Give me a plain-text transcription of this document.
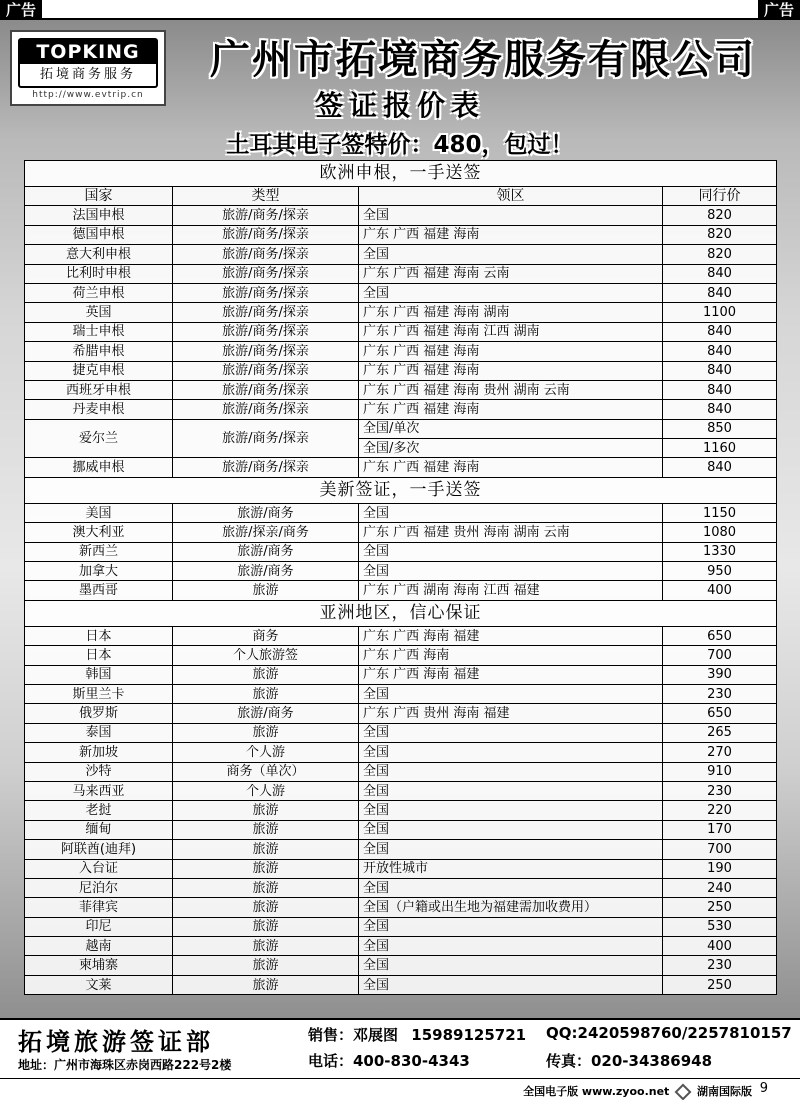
广告	广告
TOPKING
拓境商务服务
http://www.evtrip.cn
广州市拓境商务服务有限公司
签证报价表
土耳其电子签特价：480，包过！
欧洲申根，一手送签			
国家	类型	领区	同行价
法国申根	旅游/商务/探亲	全国	820
德国申根	旅游/商务/探亲	广东 广西 福建 海南	820
意大利申根	旅游/商务/探亲	全国	820
比利时申根	旅游/商务/探亲	广东 广西 福建 海南 云南	840
荷兰申根	旅游/商务/探亲	全国	840
英国	旅游/商务/探亲	广东 广西 福建 海南 湖南	1100
瑞士申根	旅游/商务/探亲	广东 广西 福建 海南 江西 湖南	840
希腊申根	旅游/商务/探亲	广东 广西 福建 海南	840
捷克申根	旅游/商务/探亲	广东 广西 福建 海南	840
西班牙申根	旅游/商务/探亲	广东 广西 福建 海南 贵州 湖南 云南	840
丹麦申根	旅游/商务/探亲	广东 广西 福建 海南	840
爱尔兰	旅游/商务/探亲	全国/单次	850
		全国/多次	1160
挪威申根	旅游/商务/探亲	广东 广西 福建 海南	840
美新签证，一手送签			
美国	旅游/商务	全国	1150
澳大利亚	旅游/探亲/商务	广东 广西 福建 贵州 海南 湖南 云南	1080
新西兰	旅游/商务	全国	1330
加拿大	旅游/商务	全国	950
墨西哥	旅游	广东 广西 湖南 海南 江西 福建	400
亚洲地区，信心保证			
日本	商务	广东 广西 海南 福建	650
日本	个人旅游签	广东 广西 海南	700
韩国	旅游	广东 广西 海南 福建	390
斯里兰卡	旅游	全国	230
俄罗斯	旅游/商务	广东 广西 贵州 海南 福建	650
泰国	旅游	全国	265
新加坡	个人游	全国	270
沙特	商务（单次）	全国	910
马来西亚	个人游	全国	230
老挝	旅游	全国	220
缅甸	旅游	全国	170
阿联酋(迪拜)	旅游	全国	700
入台证	旅游	开放性城市	190
尼泊尔	旅游	全国	240
菲律宾	旅游	全国（户籍或出生地为福建需加收费用）	250
印尼	旅游	全国	530
越南	旅游	全国	400
柬埔寨	旅游	全国	230
文莱	旅游	全国	250
拓境旅游签证部
地址：广州市海珠区赤岗西路222号2楼
销售：邓展图 15989125721 QQ:2420598760/2257810157
电话：400-830-4343	传真：020-34386948
全国电子版 www.zyoo.net	湖南国际版 9
